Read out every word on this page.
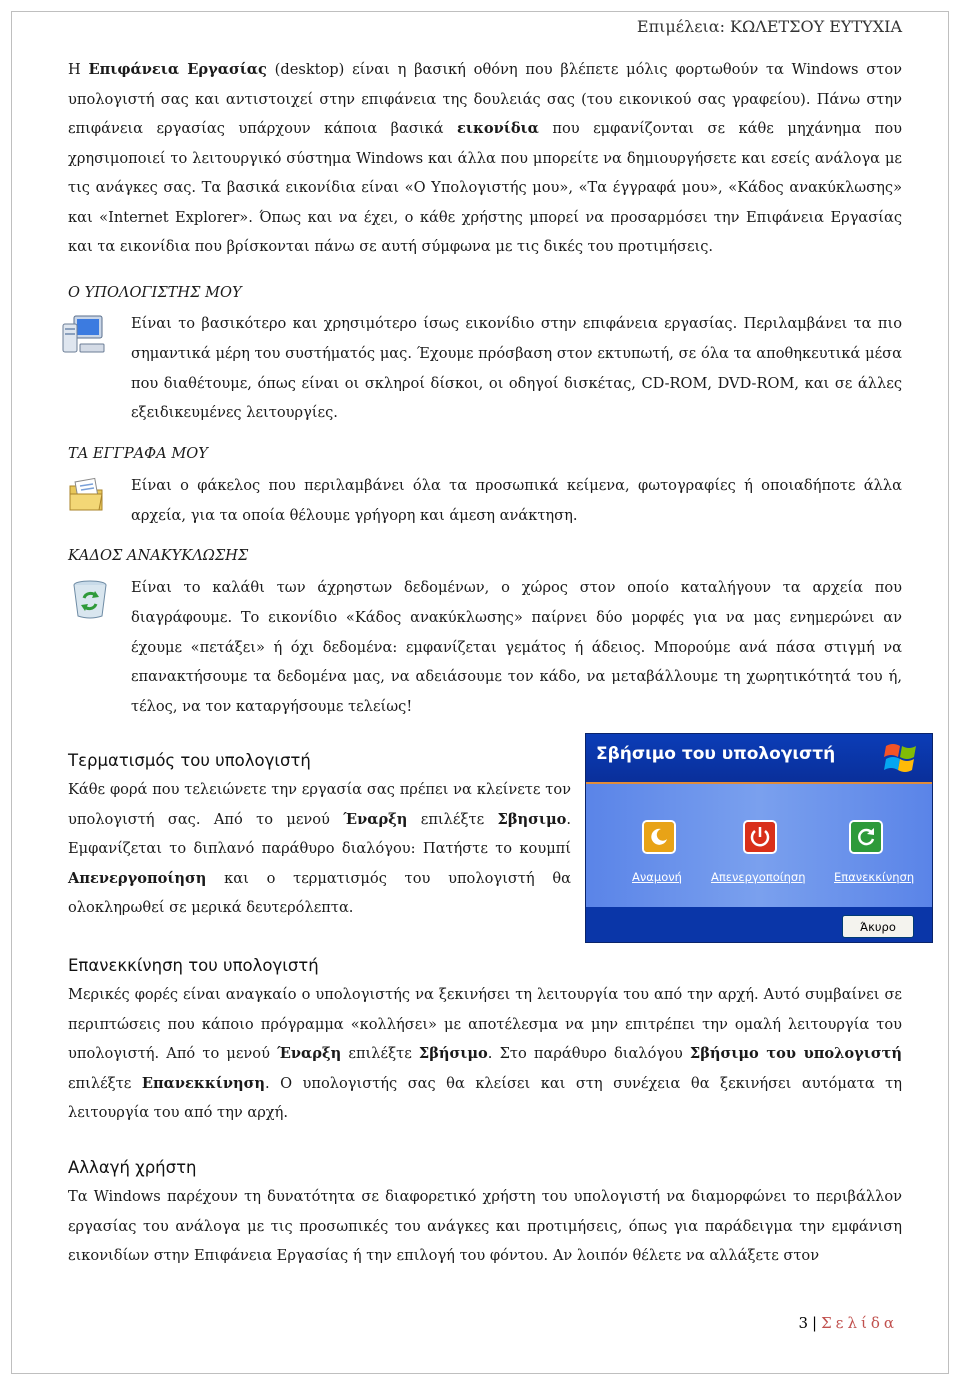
Επιμέλεια: ΚΩΛΕΤΣΟΥ ΕΥΤΥΧΙΑ

Η Επιφάνεια Εργασίας (desktop) είναι η βασική οθόνη που βλέπετε μόλις φορτωθούν τα Windows στον υπολογιστή σας και αντιστοιχεί στην επιφάνεια της δουλειάς σας (του εικονικού σας γραφείου). Πάνω στην επιφάνεια εργασίας υπάρχουν κάποια βασικά εικονίδια που εμφανίζονται σε κάθε μηχάνημα που χρησιμοποιεί το λειτουργικό σύστημα Windows και άλλα που μπορείτε να δημιουργήσετε και εσείς ανάλογα με τις ανάγκες σας. Τα βασικά εικονίδια είναι «Ο Υπολογιστής μου», «Τα έγγραφά μου», «Κάδος ανακύκλωσης» και «Internet Explorer». Όπως και να έχει, ο κάθε χρήστης μπορεί να προσαρμόσει την Επιφάνεια Εργασίας και τα εικονίδια που βρίσκονται πάνω σε αυτή σύμφωνα με τις δικές του προτιμήσεις.

Ο ΥΠΟΛΟΓΙΣΤΗΣ ΜΟΥ

Είναι το βασικότερο και χρησιμότερο ίσως εικονίδιο στην επιφάνεια εργασίας. Περιλαμβάνει τα πιο σημαντικά μέρη του συστήματός μας. Έχουμε πρόσβαση στον εκτυπωτή, σε όλα τα αποθηκευτικά μέσα που διαθέτουμε, όπως είναι οι σκληροί δίσκοι, οι οδηγοί δισκέτας, CD-ROM, DVD-ROM, και σε άλλες εξειδικευμένες λειτουργίες.

ΤΑ ΕΓΓΡΑΦΑ ΜΟΥ

Είναι ο φάκελος που περιλαμβάνει όλα τα προσωπικά κείμενα, φωτογραφίες ή οποιαδήποτε άλλα αρχεία, για τα οποία θέλουμε γρήγορη και άμεση ανάκτηση.

ΚΑΔΟΣ ΑΝΑΚΥΚΛΩΣΗΣ

Είναι το καλάθι των άχρηστων δεδομένων, ο χώρος στον οποίο καταλήγουν τα αρχεία που διαγράφουμε. Το εικονίδιο «Κάδος ανακύκλωσης» παίρνει δύο μορφές για να μας ενημερώνει αν έχουμε «πετάξει» ή όχι δεδομένα: εμφανίζεται γεμάτος ή άδειος. Μπορούμε ανά πάσα στιγμή να επανακτήσουμε τα δεδομένα μας, να αδειάσουμε τον κάδο, να μεταβάλλουμε τη χωρητικότητά του ή, τέλος, να τον καταργήσουμε τελείως!

Τερματισμός του υπολογιστή

Κάθε φορά που τελειώνετε την εργασία σας πρέπει να κλείνετε τον υπολογιστή σας. Από το μενού Έναρξη επιλέξτε Σβησιμο. Εμφανίζεται το διπλανό παράθυρο διαλόγου: Πατήστε το κουμπί Απενεργοποίηση και ο τερματισμός του υπολογιστή θα ολοκληρωθεί σε μερικά δευτερόλεπτα.

Σβήσιμο του υπολογιστή
Αναμονή	Απενεργοποίηση Επανεκκίνηση
Άκυρο
Επανεκκίνηση του υπολογιστή

Μερικές φορές είναι αναγκαίο ο υπολογιστής να ξεκινήσει τη λειτουργία του από την αρχή. Αυτό συμβαίνει σε περιπτώσεις που κάποιο πρόγραμμα «κολλήσει» με αποτέλεσμα να μην επιτρέπει την ομαλή λειτουργία του υπολογιστή. Από το μενού Έναρξη επιλέξτε Σβήσιμο. Στο παράθυρο διαλόγου Σβήσιμο του υπολογιστή επιλέξτε Επανεκκίνηση. Ο υπολογιστής σας θα κλείσει και στη συνέχεια θα ξεκινήσει αυτόματα τη λειτουργία του από την αρχή.

Αλλαγή χρήστη

Τα Windows παρέχουν τη δυνατότητα σε διαφορετικό χρήστη του υπολογιστή να διαμορφώνει το περιβάλλον εργασίας του ανάλογα με τις προσωπικές του ανάγκες και προτιμήσεις, όπως για παράδειγμα την εμφάνιση εικονιδίων στην Επιφάνεια Εργασίας ή την επιλογή του φόντου. Αν λοιπόν θέλετε να αλλάξετε στον

3 | Σελίδα
